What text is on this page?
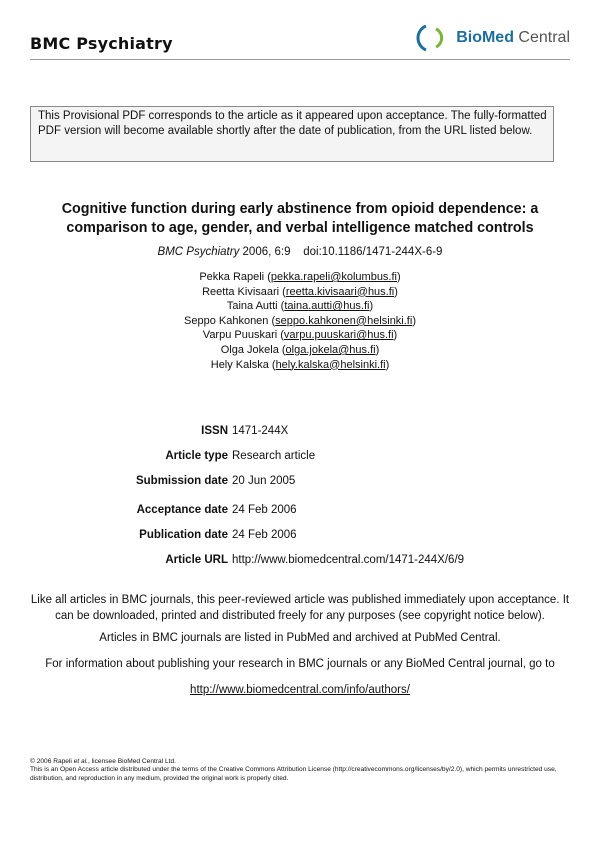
BMC Psychiatry	BioMed Central
This Provisional PDF corresponds to the article as it appeared upon acceptance. The fully-formatted PDF version will become available shortly after the date of publication, from the URL listed below.
Cognitive function during early abstinence from opioid dependence: a comparison to age, gender, and verbal intelligence matched controls
BMC Psychiatry 2006, 6:9 doi:10.1186/1471-244X-6-9
Pekka Rapeli (pekka.rapeli@kolumbus.fi)
Reetta Kivisaari (reetta.kivisaari@hus.fi)
Taina Autti (taina.autti@hus.fi)
Seppo Kahkonen (seppo.kahkonen@helsinki.fi)
Varpu Puuskari (varpu.puuskari@hus.fi)
Olga Jokela (olga.jokela@hus.fi)
Hely Kalska (hely.kalska@helsinki.fi)
ISSN 1471-244X
Article type Research article
Submission date 20 Jun 2005
Acceptance date 24 Feb 2006
Publication date 24 Feb 2006
Article URL http://www.biomedcentral.com/1471-244X/6/9
Like all articles in BMC journals, this peer-reviewed article was published immediately upon acceptance. It can be downloaded, printed and distributed freely for any purposes (see copyright notice below).
Articles in BMC journals are listed in PubMed and archived at PubMed Central.
For information about publishing your research in BMC journals or any BioMed Central journal, go to
http://www.biomedcentral.com/info/authors/
© 2006 Rapeli et al., licensee BioMed Central Ltd.
This is an Open Access article distributed under the terms of the Creative Commons Attribution License (http://creativecommons.org/licenses/by/2.0), which permits unrestricted use, distribution, and reproduction in any medium, provided the original work is properly cited.
